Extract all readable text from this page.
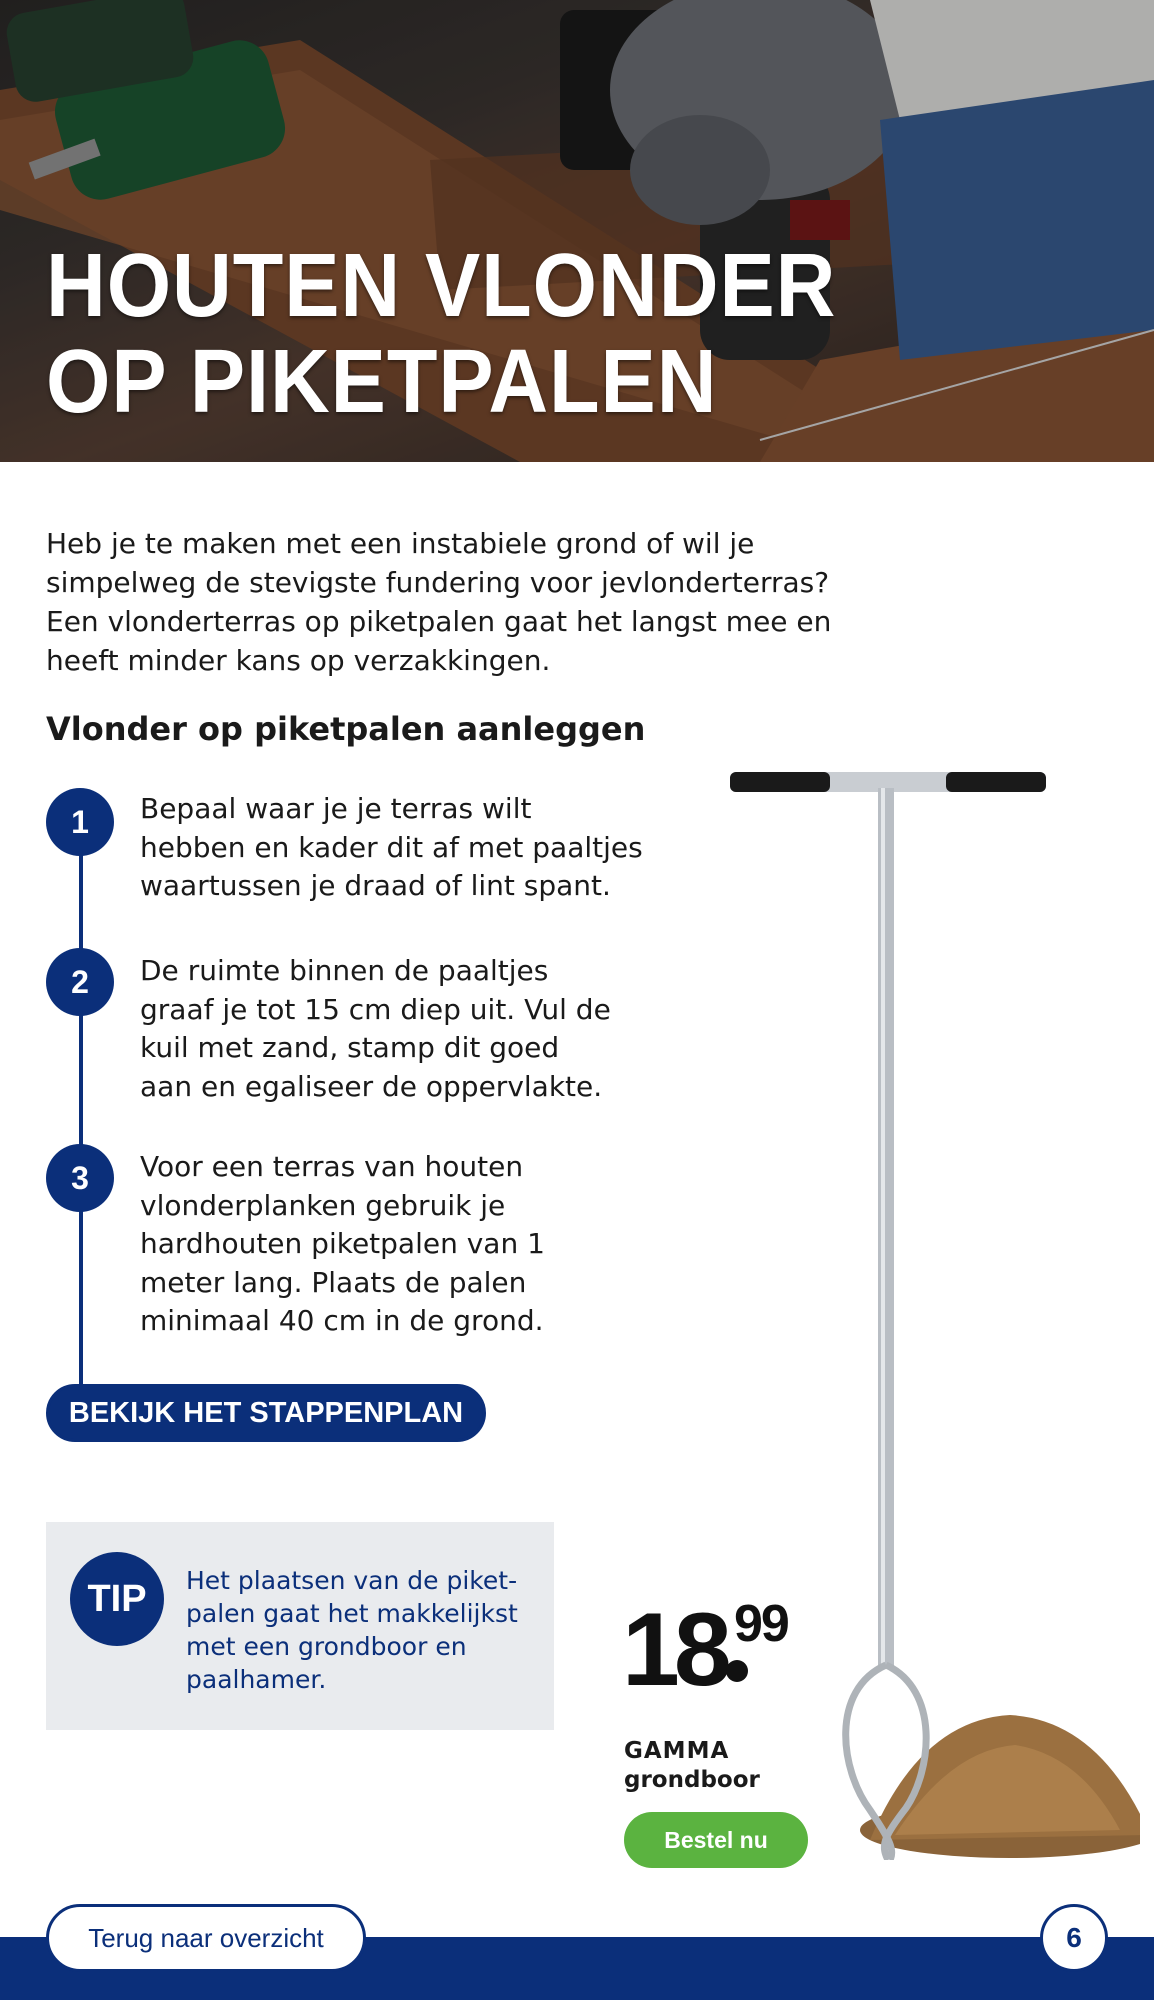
HOUTEN VLONDER
OP PIKETPALEN
Heb je te maken met een instabiele grond of wil je
simpelweg de stevigste fundering voor jevlonderterras?
Een vlonderterras op piketpalen gaat het langst mee en
heeft minder kans op verzakkingen.
Vlonder op piketpalen aanleggen
1	Bepaal waar je je terras wilt
hebben en kader dit af met paaltjes
waartussen je draad of lint spant.
2	De ruimte binnen de paaltjes
graaf je tot 15 cm diep uit. Vul de
kuil met zand, stamp dit goed
aan en egaliseer de oppervlakte.
3	Voor een terras van houten
vlonderplanken gebruik je
hardhouten piketpalen van 1
meter lang. Plaats de palen
minimaal 40 cm in de grond.
BEKIJK HET STAPPENPLAN
TIP	Het plaatsen van de piket-
palen gaat het makkelijkst
met een grondboor en
paalhamer.	18 99
GAMMA
grondboor
Bestel nu
Terug naar overzicht	6
